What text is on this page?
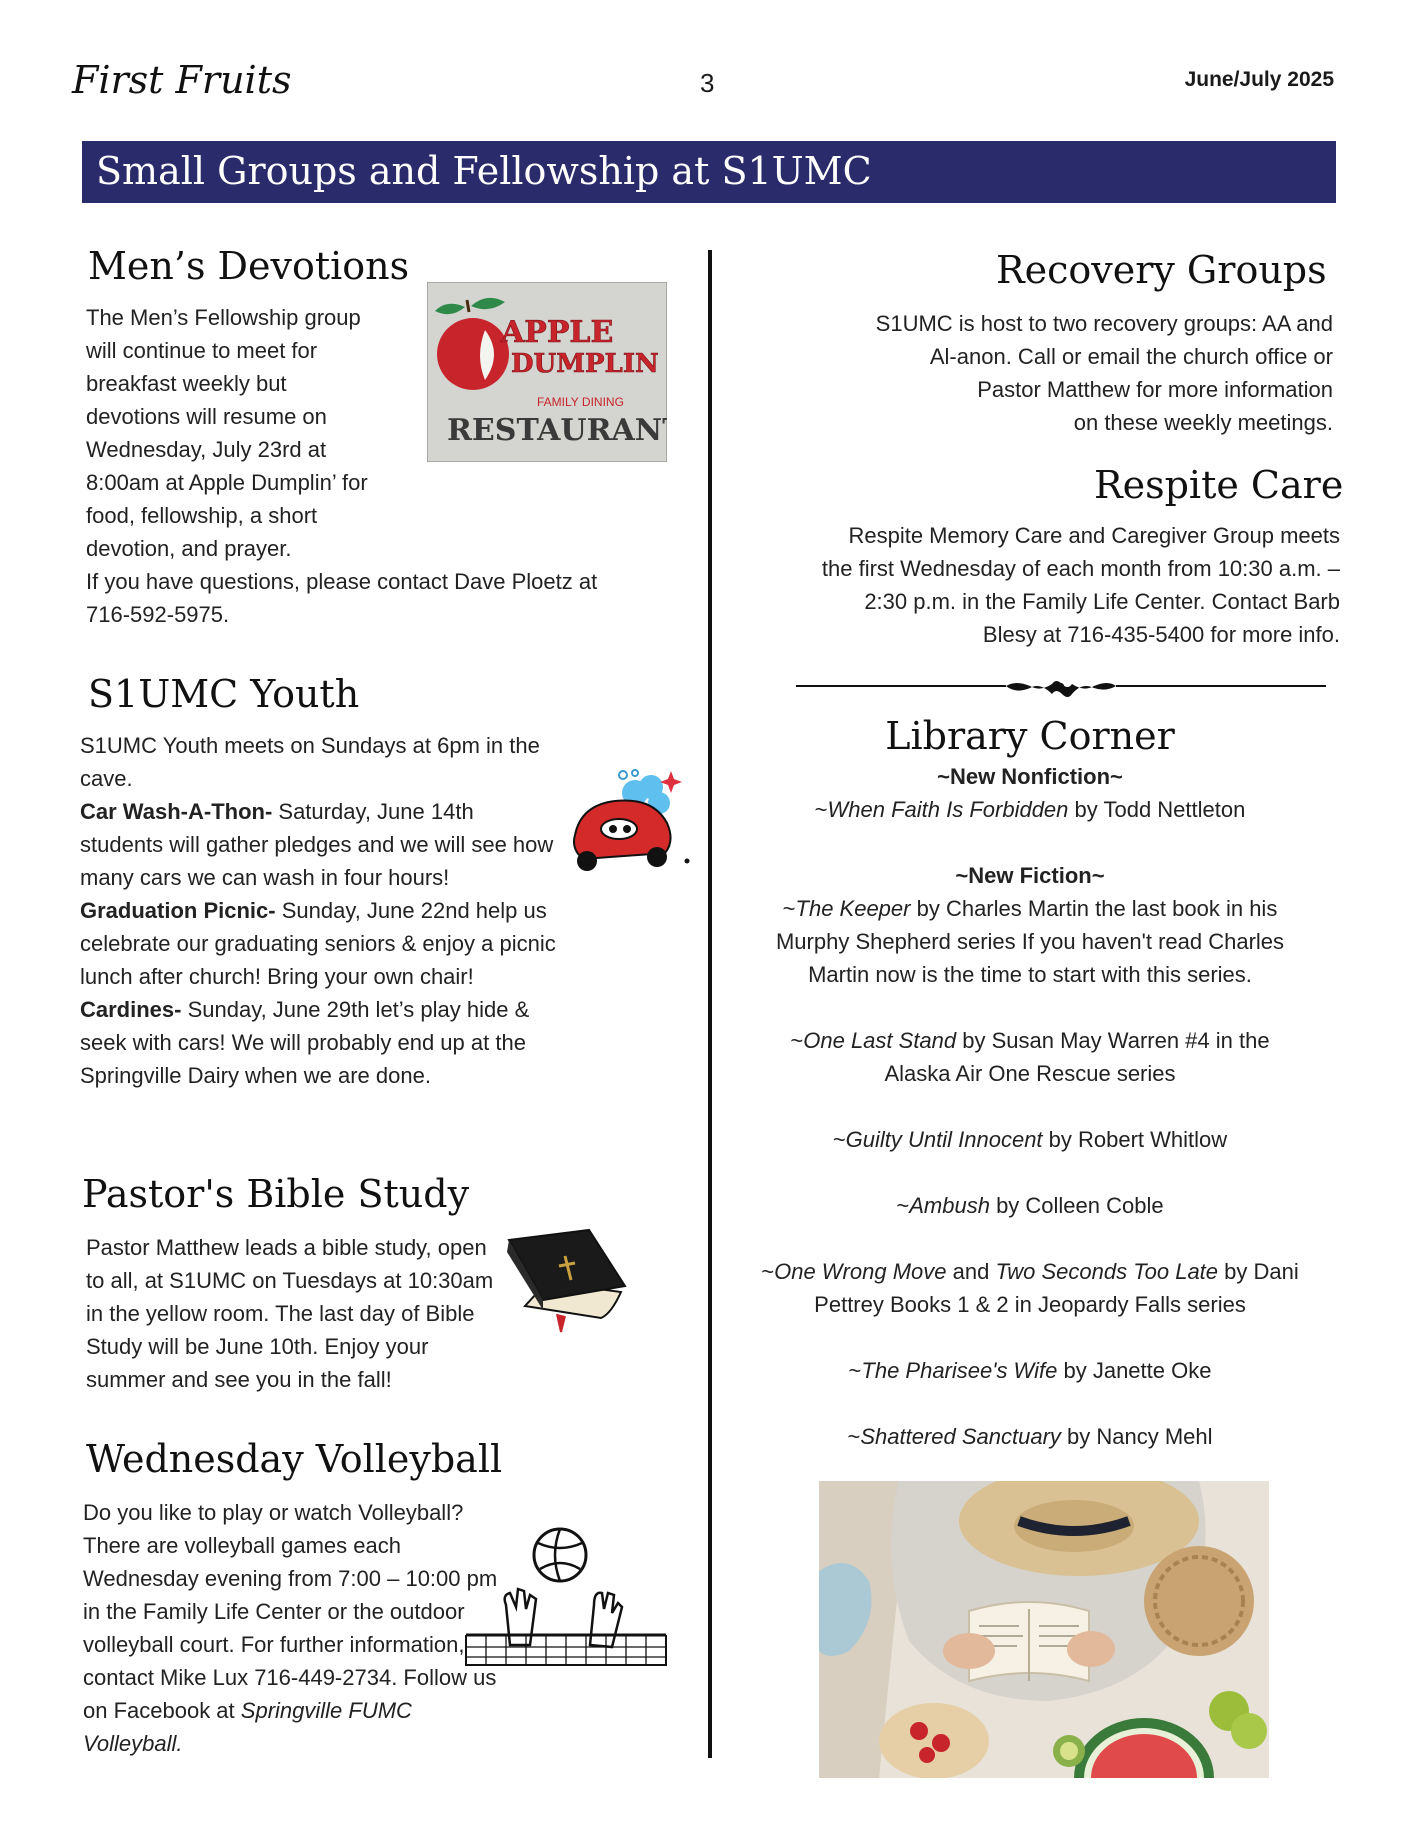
First Fruits	3	June/July 2025
Small Groups and Fellowship at S1UMC
Men’s Devotions

The Men’s Fellowship group

will continue to meet for

breakfast weekly but

devotions will resume on

Wednesday, July 23rd at

8:00am at Apple Dumplin’ for

food, fellowship, a short

devotion, and prayer.

If you have questions, please contact Dave Ploetz at

716-592-5975.

APPLE
DUMPLIN
FAMILY DINING
RESTAURANT
S1UMC Youth

S1UMC Youth meets on Sundays at 6pm in the cave.

Car Wash-A-Thon- Saturday, June 14th students will gather pledges and we will see how many cars we can wash in four hours!

Graduation Picnic- Sunday, June 22nd help us celebrate our graduating seniors & enjoy a picnic lunch after church! Bring your own chair!

Cardines- Sunday, June 29th let’s play hide & seek with cars! We will probably end up at the Springville Dairy when we are done.

Pastor's Bible Study
Pastor Matthew leads a bible study, open to all, at S1UMC on Tuesdays at 10:30am in the yellow room. The last day of Bible Study will be June 10th. Enjoy your summer and see you in the fall!
Wednesday Volleyball
Do you like to play or watch Volleyball? There are volleyball games each Wednesday evening from 7:00 – 10:00 pm in the Family Life Center or the outdoor volleyball court. For further information, contact Mike Lux 716-449-2734. Follow us on Facebook at Springville FUMC Volleyball.
Recovery Groups

S1UMC is host to two recovery groups: AA and

Al-anon. Call or email the church office or

Pastor Matthew for more information

on these weekly meetings.

Respite Care

Respite Memory Care and Caregiver Group meets

the first Wednesday of each month from 10:30 a.m. –

2:30 p.m. in the Family Life Center. Contact Barb

Blesy at 716-435-5400 for more info.

Library Corner

~New Nonfiction~

~When Faith Is Forbidden by Todd Nettleton

~New Fiction~

~The Keeper by Charles Martin the last book in his Murphy Shepherd series If you haven't read Charles Martin now is the time to start with this series.

~One Last Stand by Susan May Warren #4 in the Alaska Air One Rescue series

~Guilty Until Innocent by Robert Whitlow

~Ambush by Colleen Coble

~One Wrong Move and Two Seconds Too Late by Dani Pettrey Books 1 & 2 in Jeopardy Falls series

~The Pharisee's Wife by Janette Oke

~Shattered Sanctuary by Nancy Mehl
